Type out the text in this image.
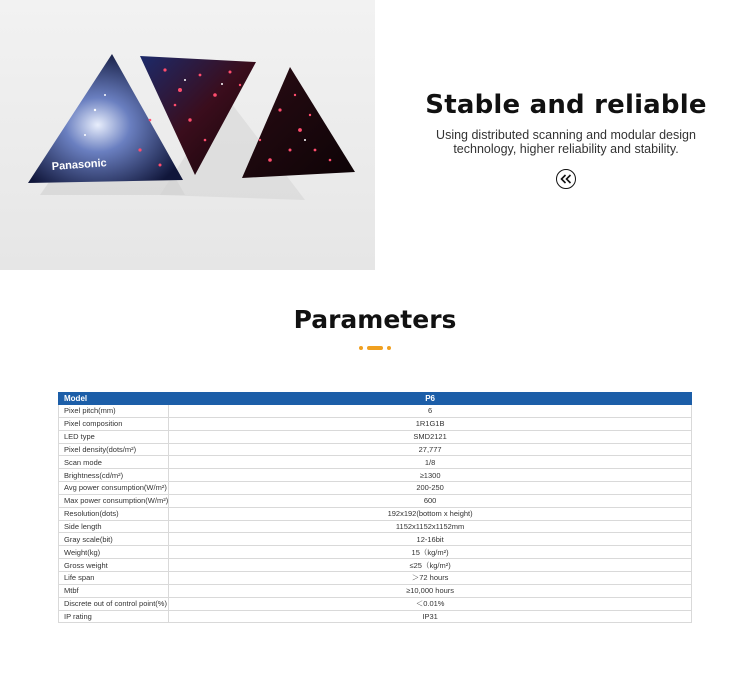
Panasonic
Stable and reliable
Using distributed scanning and modular design
technology, higher reliability and stability.
Parameters
Model	P6
Pixel pitch(mm)	6
Pixel composition	1R1G1B
LED type	SMD2121
Pixel density(dots/m²)	27,777
Scan mode	1/8
Brightness(cd/m²)	≥1300
Avg power consumption(W/m²)	200-250
Max power consumption(W/m²)	600
Resolution(dots)	192x192(bottom x height)
Side length	1152x1152x1152mm
Gray scale(bit)	12-16bit
Weight(kg)	15（kg/m²)
Gross weight	≤25（kg/m²)
Life span	＞72 hours
Mtbf	≥10,000 hours
Discrete out of control point(%)	＜0.01%
IP rating	IP31
